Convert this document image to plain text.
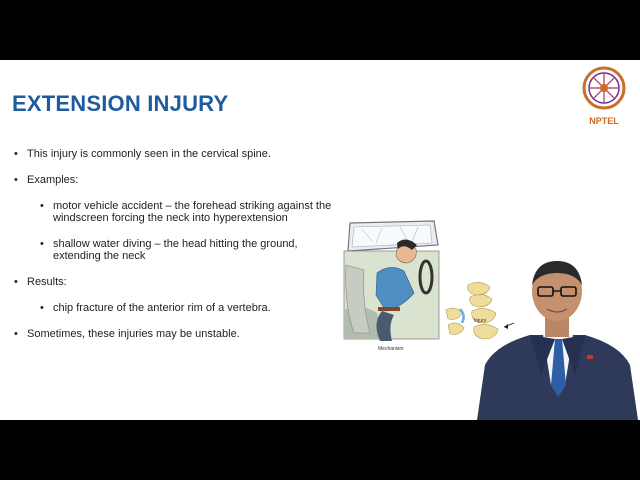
EXTENSION INJURY
NPTEL
• This injury is commonly seen in the cervical spine.
• Examples:
• motor vehicle accident – the forehead striking against the windscreen forcing the neck into hyperextension
• shallow water diving – the head hitting the ground, extending the neck
• Results:
• chip fracture of the anterior rim of a vertebra.
• Sometimes, these injuries may be unstable.
Mechanism
Injury
